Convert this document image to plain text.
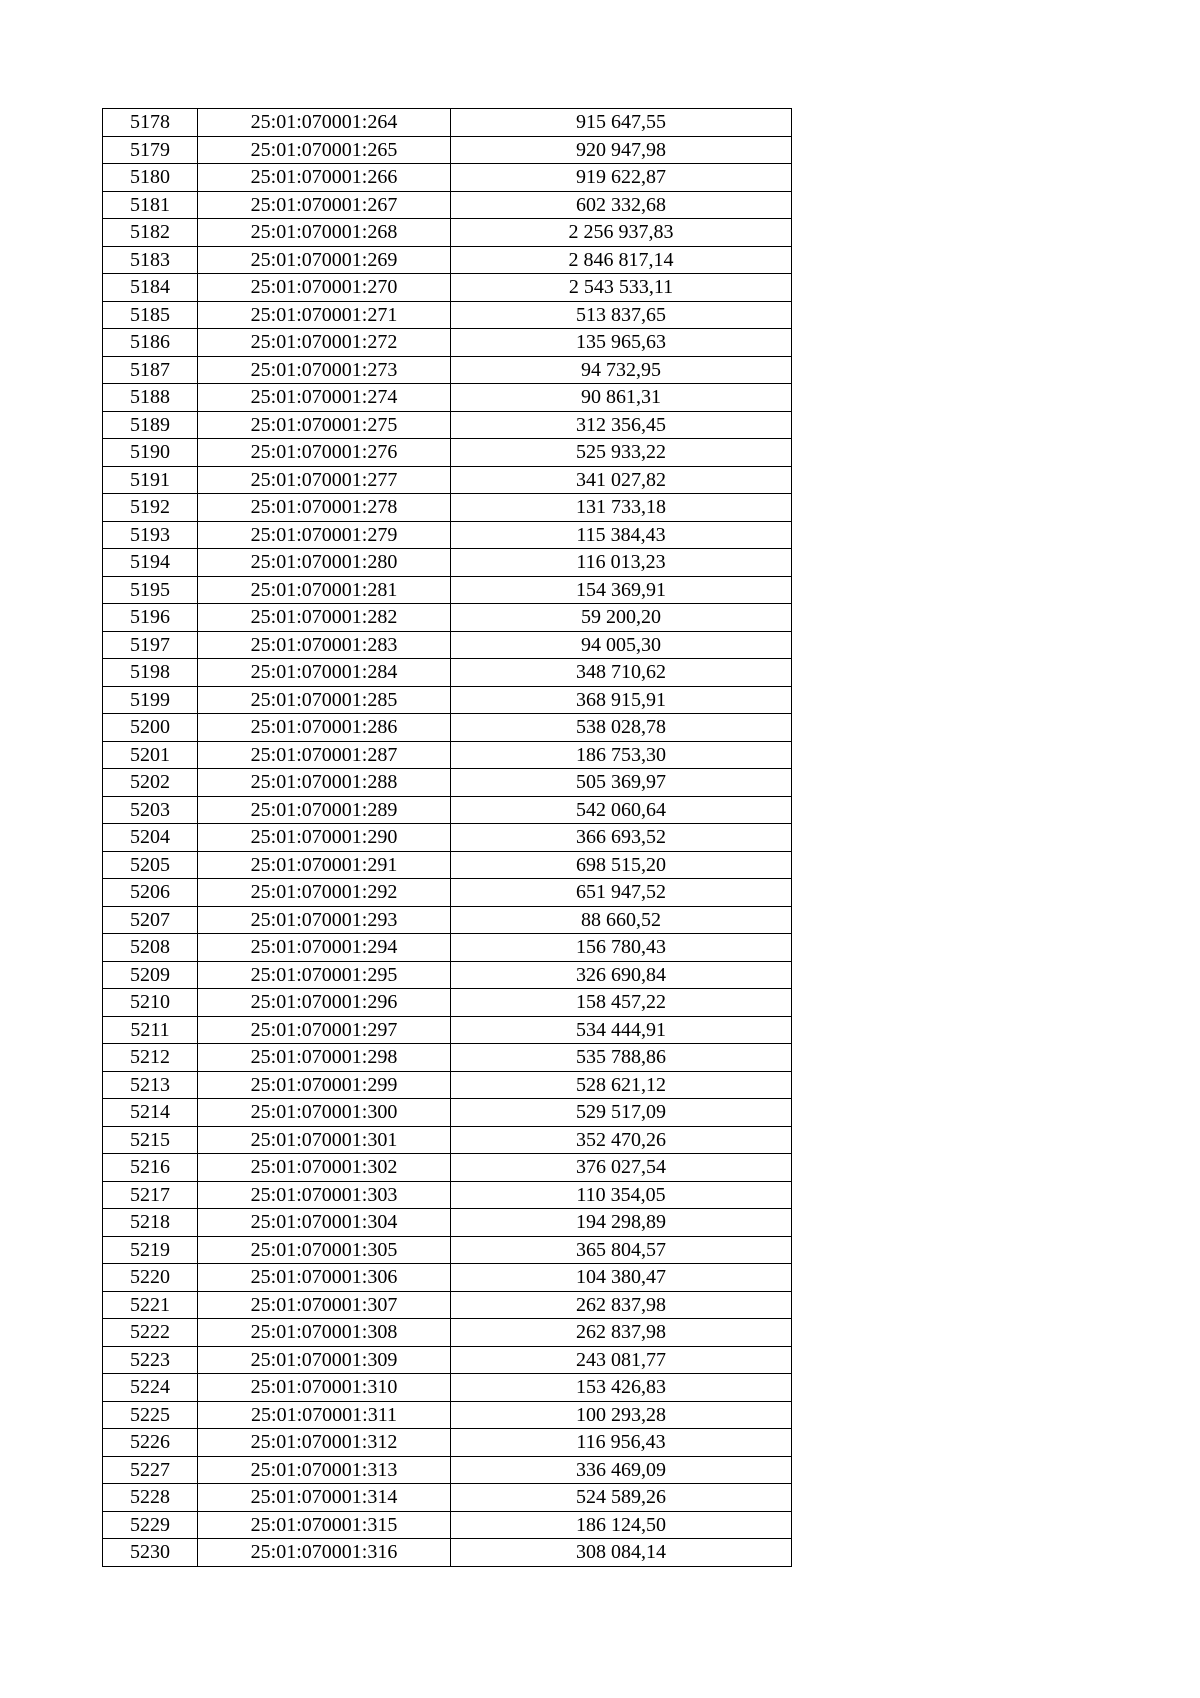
5178	25:01:070001:264	915 647,55
5179	25:01:070001:265	920 947,98
5180	25:01:070001:266	919 622,87
5181	25:01:070001:267	602 332,68
5182	25:01:070001:268	2 256 937,83
5183	25:01:070001:269	2 846 817,14
5184	25:01:070001:270	2 543 533,11
5185	25:01:070001:271	513 837,65
5186	25:01:070001:272	135 965,63
5187	25:01:070001:273	94 732,95
5188	25:01:070001:274	90 861,31
5189	25:01:070001:275	312 356,45
5190	25:01:070001:276	525 933,22
5191	25:01:070001:277	341 027,82
5192	25:01:070001:278	131 733,18
5193	25:01:070001:279	115 384,43
5194	25:01:070001:280	116 013,23
5195	25:01:070001:281	154 369,91
5196	25:01:070001:282	59 200,20
5197	25:01:070001:283	94 005,30
5198	25:01:070001:284	348 710,62
5199	25:01:070001:285	368 915,91
5200	25:01:070001:286	538 028,78
5201	25:01:070001:287	186 753,30
5202	25:01:070001:288	505 369,97
5203	25:01:070001:289	542 060,64
5204	25:01:070001:290	366 693,52
5205	25:01:070001:291	698 515,20
5206	25:01:070001:292	651 947,52
5207	25:01:070001:293	88 660,52
5208	25:01:070001:294	156 780,43
5209	25:01:070001:295	326 690,84
5210	25:01:070001:296	158 457,22
5211	25:01:070001:297	534 444,91
5212	25:01:070001:298	535 788,86
5213	25:01:070001:299	528 621,12
5214	25:01:070001:300	529 517,09
5215	25:01:070001:301	352 470,26
5216	25:01:070001:302	376 027,54
5217	25:01:070001:303	110 354,05
5218	25:01:070001:304	194 298,89
5219	25:01:070001:305	365 804,57
5220	25:01:070001:306	104 380,47
5221	25:01:070001:307	262 837,98
5222	25:01:070001:308	262 837,98
5223	25:01:070001:309	243 081,77
5224	25:01:070001:310	153 426,83
5225	25:01:070001:311	100 293,28
5226	25:01:070001:312	116 956,43
5227	25:01:070001:313	336 469,09
5228	25:01:070001:314	524 589,26
5229	25:01:070001:315	186 124,50
5230	25:01:070001:316	308 084,14
